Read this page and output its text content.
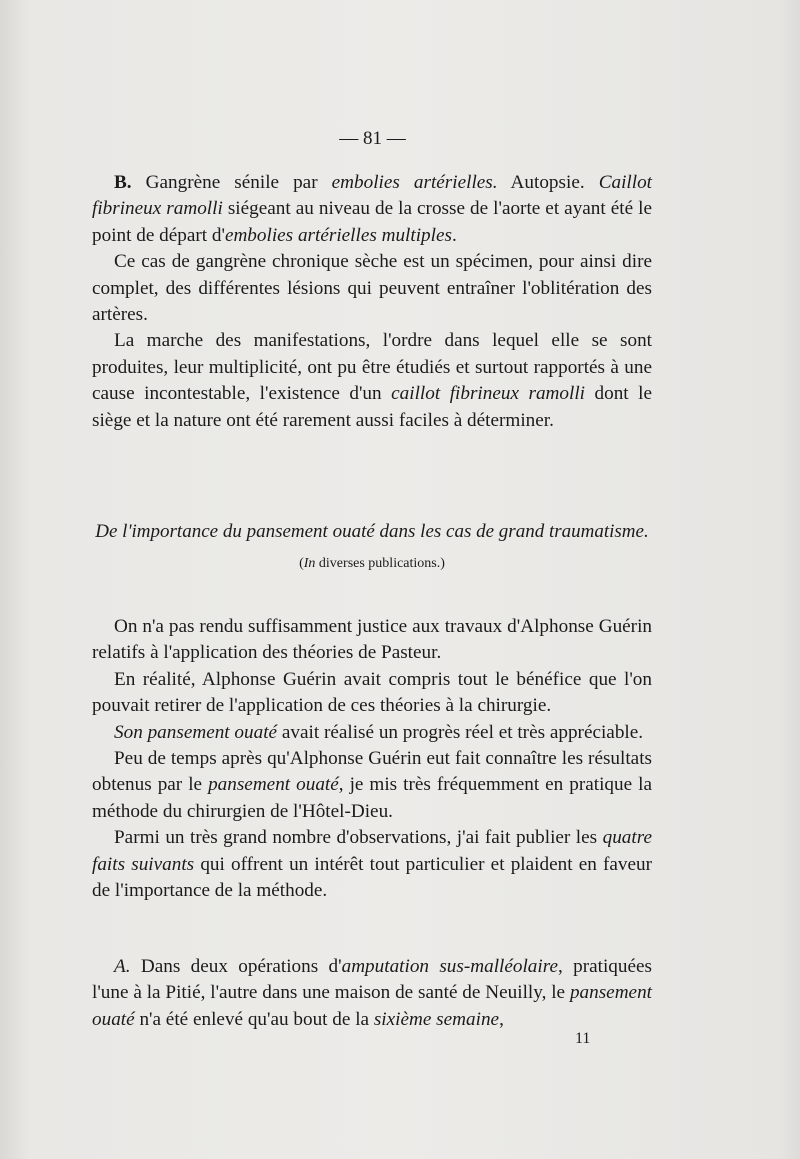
— 81 —

B. Gangrène sénile par embolies artérielles. Autopsie. Caillot fibrineux ramolli siégeant au niveau de la crosse de l'aorte et ayant été le point de départ d'embolies artérielles multiples.

Ce cas de gangrène chronique sèche est un spécimen, pour ainsi dire complet, des différentes lésions qui peuvent entraîner l'oblitération des artères.

La marche des manifestations, l'ordre dans lequel elle se sont produites, leur multiplicité, ont pu être étudiés et surtout rapportés à une cause incontestable, l'existence d'un caillot fibrineux ramolli dont le siège et la nature ont été rarement aussi faciles à déterminer.

De l'importance du pansement ouaté dans les cas de grand traumatisme.
(In diverses publications.)

On n'a pas rendu suffisamment justice aux travaux d'Alphonse Guérin relatifs à l'application des théories de Pasteur.

En réalité, Alphonse Guérin avait compris tout le bénéfice que l'on pouvait retirer de l'application de ces théories à la chirurgie.

Son pansement ouaté avait réalisé un progrès réel et très appréciable.

Peu de temps après qu'Alphonse Guérin eut fait connaître les résultats obtenus par le pansement ouaté, je mis très fréquemment en pratique la méthode du chirurgien de l'Hôtel-Dieu.

Parmi un très grand nombre d'observations, j'ai fait publier les quatre faits suivants qui offrent un intérêt tout particulier et plaident en faveur de l'importance de la méthode.

A. Dans deux opérations d'amputation sus-malléolaire, pratiquées l'une à la Pitié, l'autre dans une maison de santé de Neuilly, le pansement ouaté n'a été enlevé qu'au bout de la sixième semaine,

11
